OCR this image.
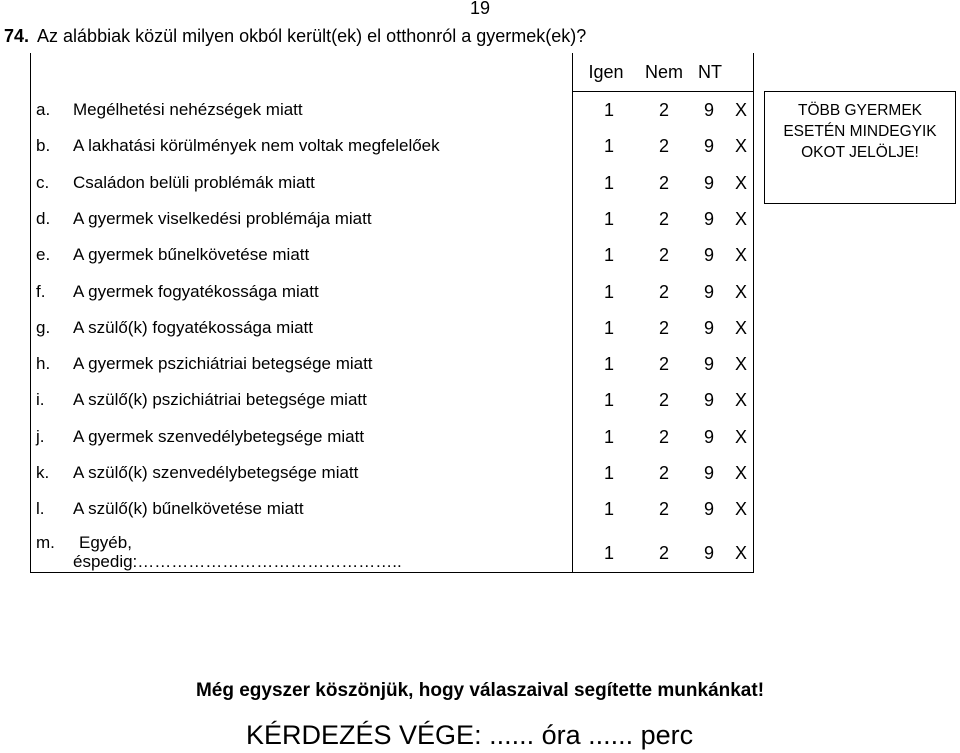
19
74. Az alábbiak közül milyen okból került(ek) el otthonról a gyermek(ek)?
Igen	Nem NT
a.	Megélhetési nehézségek miatt	1	2	9	X
b.	A lakhatási körülmények nem voltak megfelelőek	1	2	9	X
c.	Családon belüli problémák miatt	1	2	9	X
d.	A gyermek viselkedési problémája miatt	1	2	9	X
e.	A gyermek bűnelkövetése miatt	1	2	9	X
f.	A gyermek fogyatékossága miatt	1	2	9	X
g.	A szülő(k) fogyatékossága miatt	1	2	9	X
h.	A gyermek pszichiátriai betegsége miatt	1	2	9	X
i.	A szülő(k) pszichiátriai betegsége miatt	1	2	9	X
j.	A gyermek szenvedélybetegsége miatt	1	2	9	X
k.	A szülő(k) szenvedélybetegsége miatt	1	2	9	X
l.	A szülő(k) bűnelkövetése miatt	1	2	9	X
m.	Egyéb,
éspedig:………………………………………..	1	2	9	X
TÖBB GYERMEK
ESETÉN MINDEGYIK
OKOT JELÖLJE!
Még egyszer köszönjük, hogy válaszaival segítette munkánkat!
KÉRDEZÉS VÉGE: ...... óra ...... perc
